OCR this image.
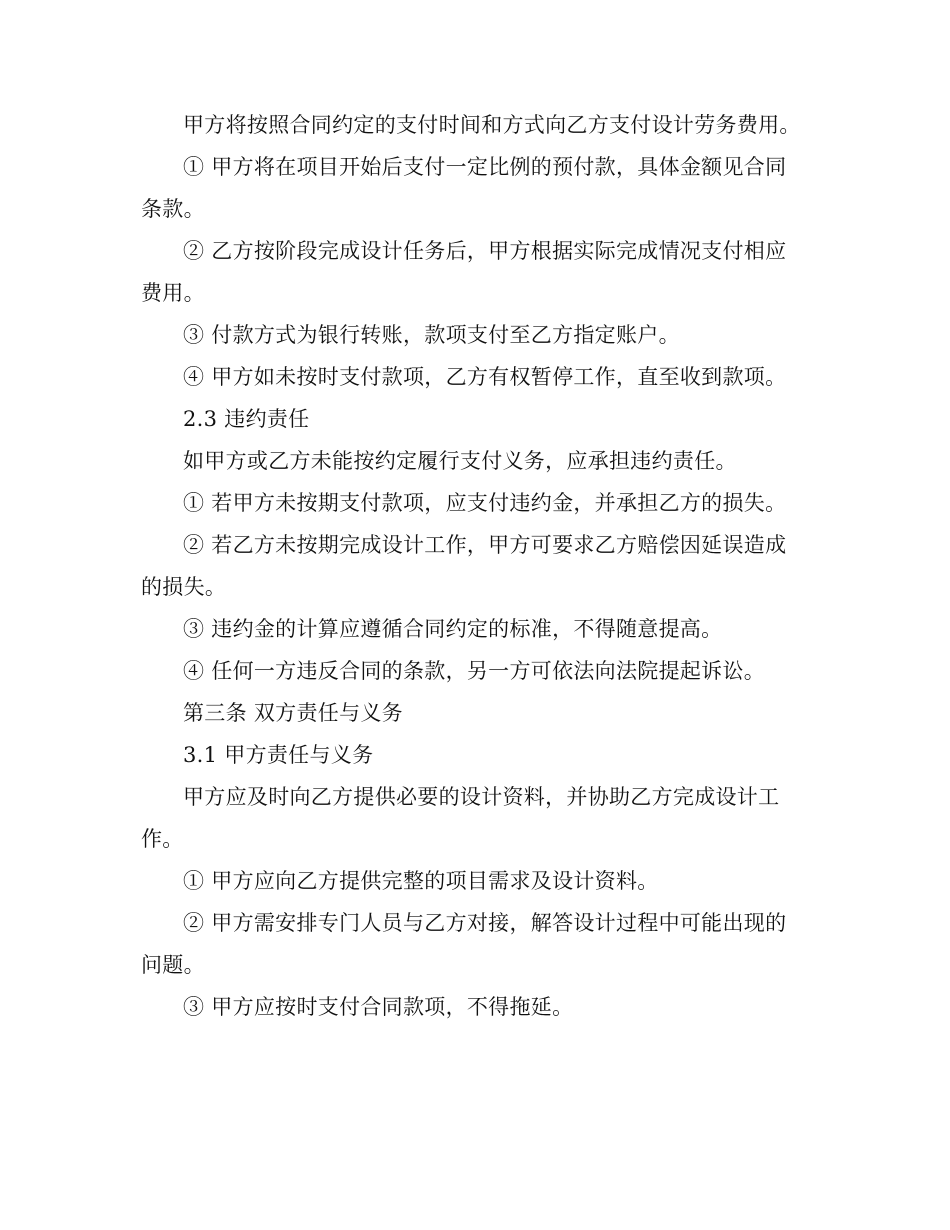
甲方将按照合同约定的支付时间和方式向乙方支付设计劳务费用。

① 甲方将在项目开始后支付一定比例的预付款，具体金额见合同条款。

② 乙方按阶段完成设计任务后，甲方根据实际完成情况支付相应费用。

③ 付款方式为银行转账，款项支付至乙方指定账户。

④ 甲方如未按时支付款项，乙方有权暂停工作，直至收到款项。

2.3 违约责任

如甲方或乙方未能按约定履行支付义务，应承担违约责任。

① 若甲方未按期支付款项，应支付违约金，并承担乙方的损失。

② 若乙方未按期完成设计工作，甲方可要求乙方赔偿因延误造成的损失。

③ 违约金的计算应遵循合同约定的标准，不得随意提高。

④ 任何一方违反合同的条款，另一方可依法向法院提起诉讼。

第三条 双方责任与义务

3.1 甲方责任与义务

甲方应及时向乙方提供必要的设计资料，并协助乙方完成设计工作。

① 甲方应向乙方提供完整的项目需求及设计资料。

② 甲方需安排专门人员与乙方对接，解答设计过程中可能出现的问题。

③ 甲方应按时支付合同款项，不得拖延。
